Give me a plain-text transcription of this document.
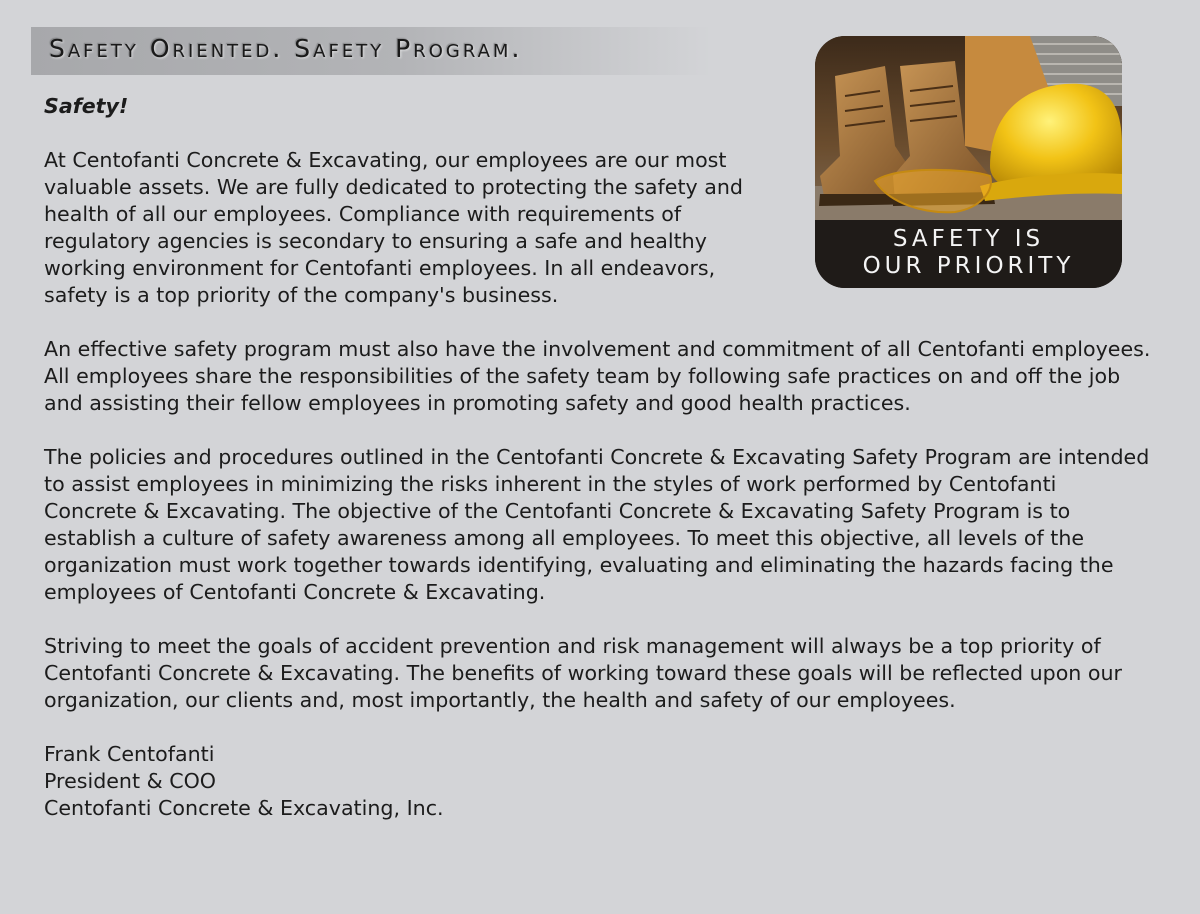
Safety Oriented. Safety Program.
SAFETY IS
OUR PRIORITY

Safety!

At Centofanti Concrete & Excavating, our employees are our most valuable assets. We are fully dedicated to protecting the safety and health of all our employees. Compliance with requirements of regulatory agencies is secondary to ensuring a safe and healthy working environment for Centofanti employees. In all endeavors, safety is a top priority of the company's business.

An effective safety program must also have the involvement and commitment of all Centofanti employees. All employees share the responsibilities of the safety team by following safe practices on and off the job and assisting their fellow employees in promoting safety and good health practices.

The policies and procedures outlined in the Centofanti Concrete & Excavating Safety Program are intended to assist employees in minimizing the risks inherent in the styles of work performed by Centofanti Concrete & Excavating. The objective of the Centofanti Concrete & Excavating Safety Program is to establish a culture of safety awareness among all employees. To meet this objective, all levels of the organization must work together towards identifying, evaluating and eliminating the hazards facing the employees of Centofanti Concrete & Excavating.

Striving to meet the goals of accident prevention and risk management will always be a top priority of Centofanti Concrete & Excavating. The benefits of working toward these goals will be reflected upon our organization, our clients and, most importantly, the health and safety of our employees.

Frank Centofanti

President & COO

Centofanti Concrete & Excavating, Inc.
